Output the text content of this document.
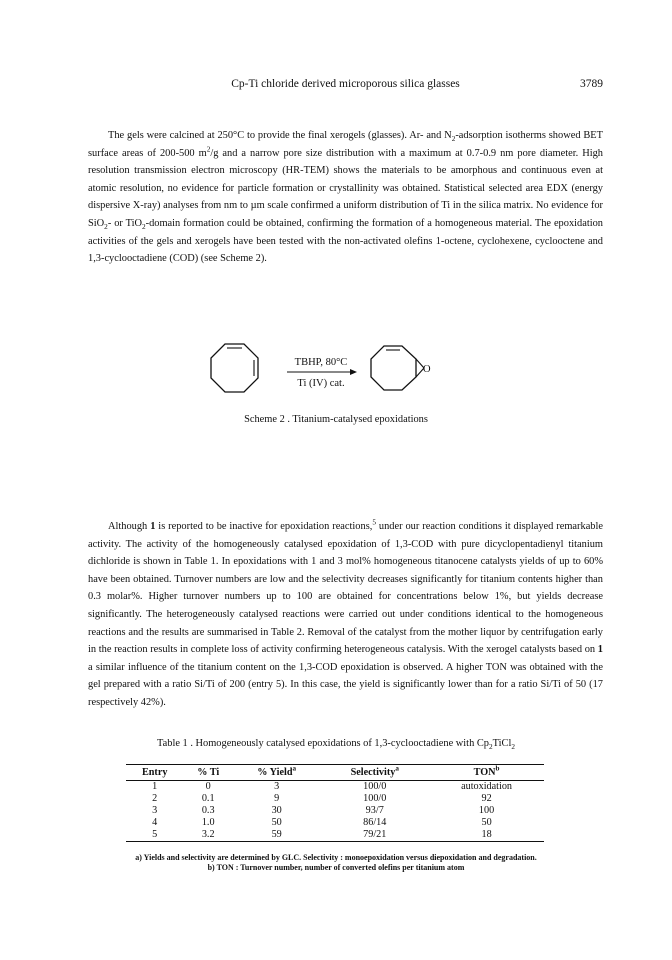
Cp-Ti chloride derived microporous silica glasses	3789

The gels were calcined at 250°C to provide the final xerogels (glasses). Ar- and $N_2$-adsorption isotherms showed BET surface areas of 200-500 $m^2/g$ and a narrow pore size distribution with a maximum at 0.7-0.9 nm pore diameter. High resolution transmission electron microscopy (HR-TEM) shows the materials to be amorphous and continuous even at atomic resolution, no evidence for particle formation or crystallinity was obtained. Statistical selected area EDX (energy dispersive X-ray) analyses from nm to µm scale confirmed a uniform distribution of Ti in the silica matrix. No evidence for SiO$_2$- or TiO$_2$-domain formation could be obtained, confirming the formation of a homogeneous material. The epoxidation activities of the gels and xerogels have been tested with the non-activated olefins 1-octene, cyclohexene, cyclooctene and 1,3-cyclooctadiene (COD) (see Scheme 2).

TBHP, 80°C
Ti (IV) cat.
O
Scheme 2 . Titanium-catalysed epoxidations

Although 1 is reported to be inactive for epoxidation reactions,$^5$ under our reaction conditions it displayed remarkable activity. The activity of the homogeneously catalysed epoxidation of 1,3-COD with pure dicyclopentadienyl titanium dichloride is shown in Table 1. In epoxidations with 1 and 3 mol% homogeneous titanocene catalysts yields of up to 60% have been obtained. Turnover numbers are low and the selectivity decreases significantly for titanium contents higher than 0.3 molar%. Higher turnover numbers up to 100 are obtained for concentrations below 1%, but yields decrease significantly. The heterogeneously catalysed reactions were carried out under conditions identical to the homogeneous reactions and the results are summarised in Table 2. Removal of the catalyst from the mother liquor by centrifugation early in the reaction results in complete loss of activity confirming heterogeneous catalysis. With the xerogel catalysts based on 1 a similar influence of the titanium content on the 1,3-COD epoxidation is observed. A higher TON was obtained with the gel prepared with a ratio Si/Ti of 200 (entry 5). In this case, the yield is significantly lower than for a ratio Si/Ti of 50 (17 respectively 42%).

Table 1 . Homogeneously catalysed epoxidations of 1,3-cyclooctadiene with $Cp_2TiCl_2$
Entry	% Ti	% Yield$^a$	Selectivity$^a$	TON$^b$
1	0	3	100/0	autoxidation
2	0.1	9	100/0	92
3	0.3	30	93/7	100
4	1.0	50	86/14	50
5	3.2	59	79/21	18
a) Yields and selectivity are determined by GLC. Selectivity : monoepoxidation versus diepoxidation and degradation.
b) TON : Turnover number, number of converted olefins per titanium atom
